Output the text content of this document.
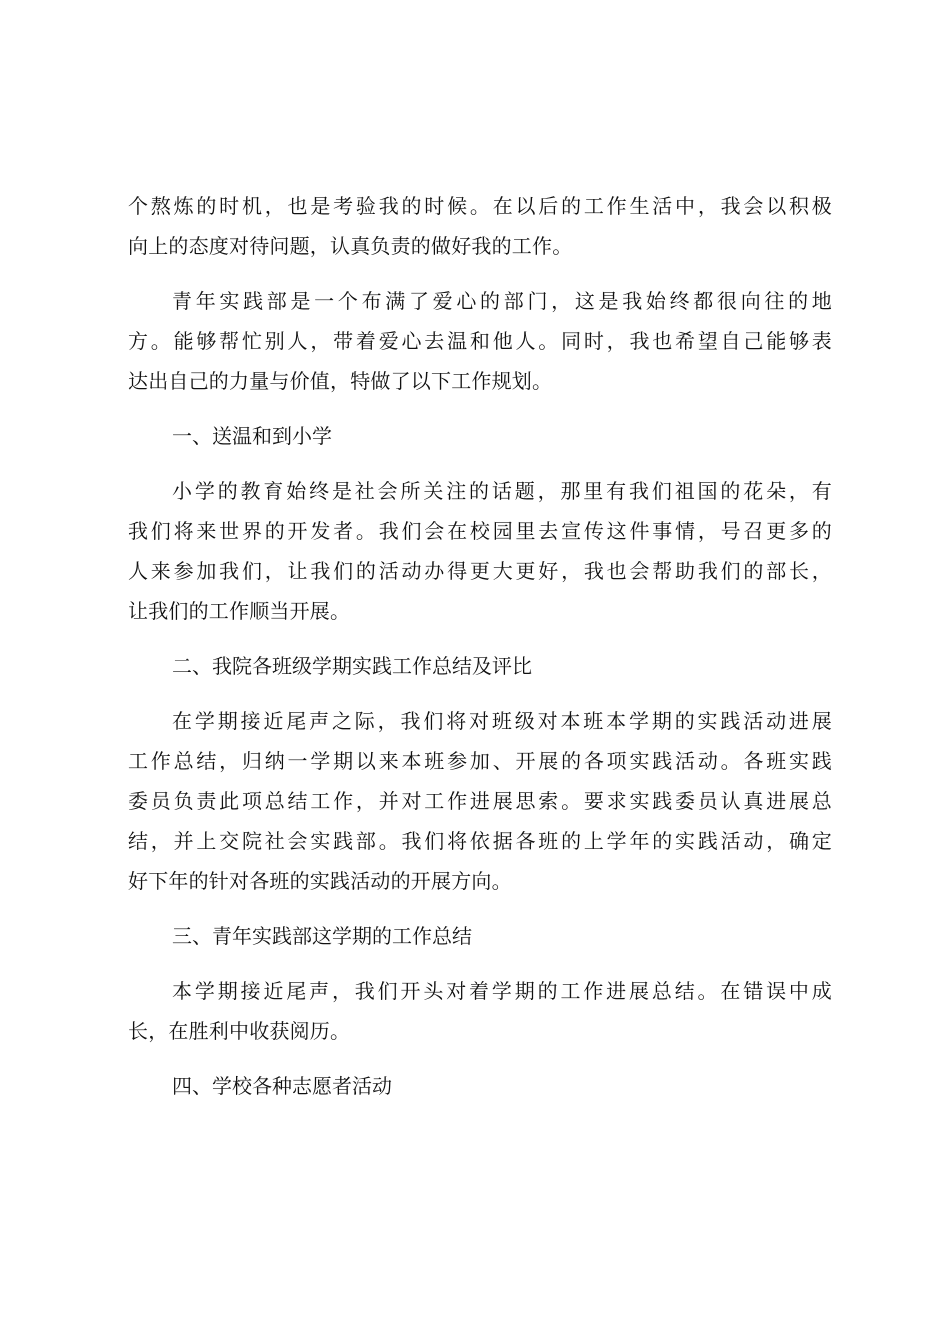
个熬炼的时机，也是考验我的时候。在以后的工作生活中，我会以积极
向上的态度对待问题，认真负责的做好我的工作。
青年实践部是一个布满了爱心的部门，这是我始终都很向往的地
方。能够帮忙别人，带着爱心去温和他人。同时，我也希望自己能够表
达出自己的力量与价值，特做了以下工作规划。
一、送温和到小学
小学的教育始终是社会所关注的话题，那里有我们祖国的花朵，有
我们将来世界的开发者。我们会在校园里去宣传这件事情，号召更多的
人来参加我们，让我们的活动办得更大更好，我也会帮助我们的部长，
让我们的工作顺当开展。
二、我院各班级学期实践工作总结及评比
在学期接近尾声之际，我们将对班级对本班本学期的实践活动进展
工作总结，归纳一学期以来本班参加、开展的各项实践活动。各班实践
委员负责此项总结工作，并对工作进展思索。要求实践委员认真进展总
结，并上交院社会实践部。我们将依据各班的上学年的实践活动，确定
好下年的针对各班的实践活动的开展方向。
三、青年实践部这学期的工作总结
本学期接近尾声，我们开头对着学期的工作进展总结。在错误中成
长，在胜利中收获阅历。
四、学校各种志愿者活动
